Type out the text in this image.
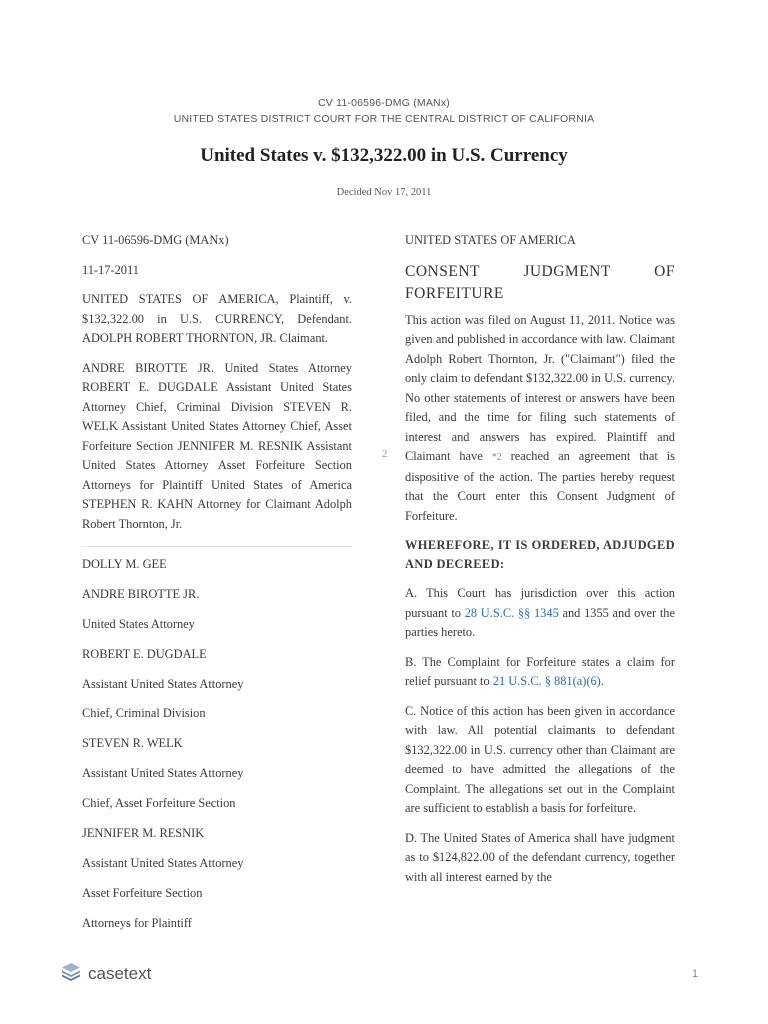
CV 11-06596-DMG (MANx)
UNITED STATES DISTRICT COURT FOR THE CENTRAL DISTRICT OF CALIFORNIA
United States v. $132,322.00 in U.S. Currency
Decided Nov 17, 2011

CV 11-06596-DMG (MANx)

11-17-2011

UNITED STATES OF AMERICA, Plaintiff, v. $132,322.00 in U.S. CURRENCY, Defendant. ADOLPH ROBERT THORNTON, JR. Claimant.

ANDRE BIROTTE JR. United States Attorney ROBERT E. DUGDALE Assistant United States Attorney Chief, Criminal Division STEVEN R. WELK Assistant United States Attorney Chief, Asset Forfeiture Section JENNIFER M. RESNIK Assistant United States Attorney Asset Forfeiture Section Attorneys for Plaintiff United States of America STEPHEN R. KAHN Attorney for Claimant Adolph Robert Thornton, Jr.

DOLLY M. GEE

ANDRE BIROTTE JR.

United States Attorney

ROBERT E. DUGDALE

Assistant United States Attorney

Chief, Criminal Division

STEVEN R. WELK

Assistant United States Attorney

Chief, Asset Forfeiture Section

JENNIFER M. RESNIK

Assistant United States Attorney

Asset Forfeiture Section

Attorneys for Plaintiff

2

UNITED STATES OF AMERICA

CONSENT JUDGMENT OF

FORFEITURE

This action was filed on August 11, 2011. Notice was given and published in accordance with law. Claimant Adolph Robert Thornton, Jr. ("Claimant") filed the only claim to defendant $132,322.00 in U.S. currency. No other statements of interest or answers have been filed, and the time for filing such statements of interest and answers has expired. Plaintiff and Claimant have *2 reached an agreement that is dispositive of the action. The parties hereby request that the Court enter this Consent Judgment of Forfeiture.

WHEREFORE, IT IS ORDERED, ADJUDGED AND DECREED:

A. This Court has jurisdiction over this action pursuant to 28 U.S.C. §§ 1345 and 1355 and over the parties hereto.

B. The Complaint for Forfeiture states a claim for relief pursuant to 21 U.S.C. § 881(a)(6).

C. Notice of this action has been given in accordance with law. All potential claimants to defendant $132,322.00 in U.S. currency other than Claimant are deemed to have admitted the allegations of the Complaint. The allegations set out in the Complaint are sufficient to establish a basis for forfeiture.

D. The United States of America shall have judgment as to $124,822.00 of the defendant currency, together with all interest earned by the

casetext	1
